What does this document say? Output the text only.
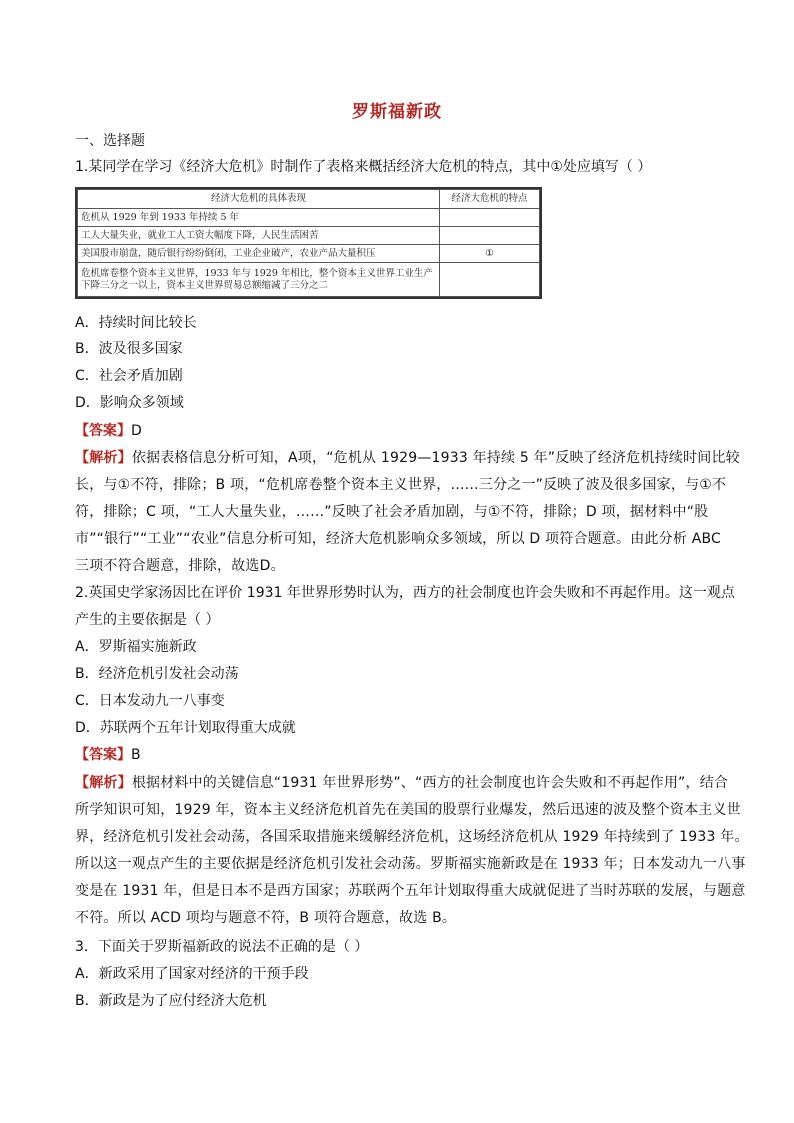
罗斯福新政
一、选择题
1.某同学在学习《经济大危机》时制作了表格来概括经济大危机的特点，其中①处应填写（ ）
经济大危机的具体表现	经济大危机的特点
危机从 1929 年到 1933 年持续 5 年	
工人大量失业，就业工人工资大幅度下降，人民生活困苦	
美国股市崩盘，随后银行纷纷倒闭，工业企业破产，农业产品大量积压	①
危机席卷整个资本主义世界，1933 年与 1929 年相比，整个资本主义世界工业生产下降三分之一以上，资本主义世界贸易总额缩减了三分之二	
A．持续时间比较长
B．波及很多国家
C．社会矛盾加剧
D．影响众多领域
【答案】D
【解析】依据表格信息分析可知，A项，“危机从 1929—1933 年持续 5 年”反映了经济危机持续时间比较
长，与①不符，排除；B 项，“危机席卷整个资本主义世界，……三分之一”反映了波及很多国家，与①不
符，排除；C 项，“工人大量失业，……”反映了社会矛盾加剧，与①不符，排除；D 项，据材料中“股
市”“银行”“工业”“农业”信息分析可知，经济大危机影响众多领域，所以 D 项符合题意。由此分析 ABC
三项不符合题意，排除，故选D。
2.英国史学家汤因比在评价 1931 年世界形势时认为，西方的社会制度也许会失败和不再起作用。这一观点
产生的主要依据是（ ）
A．罗斯福实施新政
B．经济危机引发社会动荡
C．日本发动九一八事变
D．苏联两个五年计划取得重大成就
【答案】B
【解析】根据材料中的关键信息“1931 年世界形势”、“西方的社会制度也许会失败和不再起作用”，结合
所学知识可知，1929 年，资本主义经济危机首先在美国的股票行业爆发，然后迅速的波及整个资本主义世
界，经济危机引发社会动荡，各国采取措施来缓解经济危机，这场经济危机从 1929 年持续到了 1933 年。
所以这一观点产生的主要依据是经济危机引发社会动荡。罗斯福实施新政是在 1933 年；日本发动九一八事
变是在 1931 年，但是日本不是西方国家；苏联两个五年计划取得重大成就促进了当时苏联的发展，与题意
不符。所以 ACD 项均与题意不符，B 项符合题意，故选 B。
3．下面关于罗斯福新政的说法不正确的是（ ）
A．新政采用了国家对经济的干预手段
B．新政是为了应付经济大危机
